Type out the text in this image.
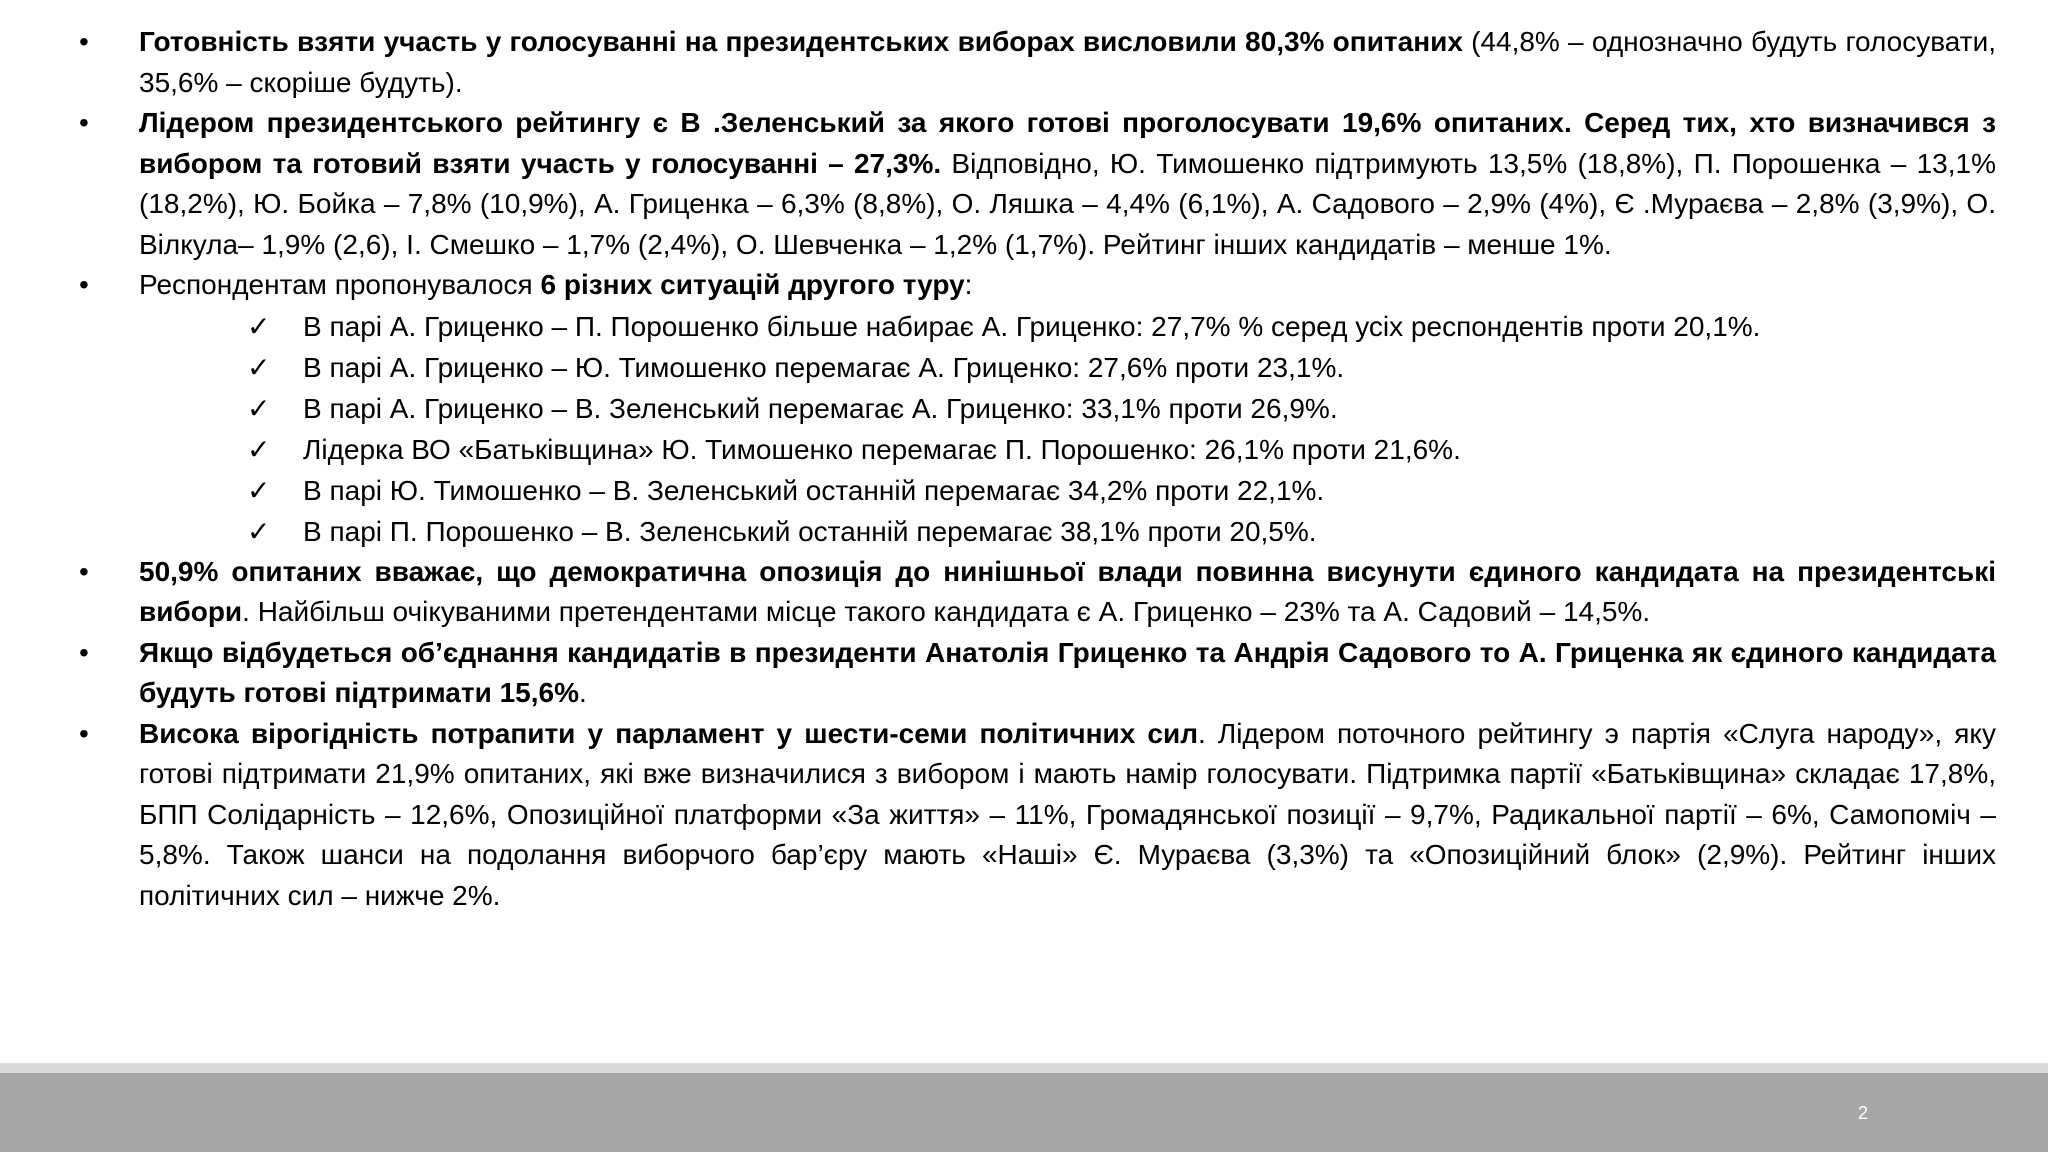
• Готовність взяти участь у голосуванні на президентських виборах висловили 80,3% опитаних (44,8% – однозначно будуть голосувати, 35,6% – скоріше будуть).
• Лідером президентського рейтингу є В .Зеленський за якого готові проголосувати 19,6% опитаних. Серед тих, хто визначився з вибором та готовий взяти участь у голосуванні – 27,3%. Відповідно, Ю. Тимошенко підтримують 13,5% (18,8%), П. Порошенка – 13,1% (18,2%), Ю. Бойка – 7,8% (10,9%), А. Гриценка – 6,3% (8,8%), О. Ляшка – 4,4% (6,1%), А. Садового – 2,9% (4%), Є .Мураєва – 2,8% (3,9%), О. Вілкула– 1,9% (2,6), І. Смешко – 1,7% (2,4%), О. Шевченка – 1,2% (1,7%). Рейтинг інших кандидатів – менше 1%.
• Респондентам пропонувалося 6 різних ситуацій другого туру:
✓ В парі А. Гриценко – П. Порошенко більше набирає А. Гриценко: 27,7% % серед усіх респондентів проти 20,1%.
✓ В парі А. Гриценко – Ю. Тимошенко перемагає А. Гриценко: 27,6% проти 23,1%.
✓ В парі А. Гриценко – В. Зеленський перемагає А. Гриценко: 33,1% проти 26,9%.
✓ Лідерка ВО «Батьківщина» Ю. Тимошенко перемагає П. Порошенко: 26,1% проти 21,6%.
✓ В парі Ю. Тимошенко – В. Зеленський останній перемагає 34,2% проти 22,1%.
✓ В парі П. Порошенко – В. Зеленський останній перемагає 38,1% проти 20,5%.
• 50,9% опитаних вважає, що демократична опозиція до нинішньої влади повинна висунути єдиного кандидата на президентські вибори. Найбільш очікуваними претендентами місце такого кандидата є А. Гриценко – 23% та А. Садовий – 14,5%.
• Якщо відбудеться об’єднання кандидатів в президенти Анатолія Гриценко та Андрія Садового то А. Гриценка як єдиного кандидата будуть готові підтримати 15,6%.
• Висока вірогідність потрапити у парламент у шести-семи політичних сил. Лідером поточного рейтингу э партія «Слуга народу», яку готові підтримати 21,9% опитаних, які вже визначилися з вибором і мають намір голосувати. Підтримка партії «Батьківщина» складає 17,8%, БПП Солідарність – 12,6%, Опозиційної платформи «За життя» – 11%, Громадянської позиції – 9,7%, Радикальної партії – 6%, Самопоміч – 5,8%. Також шанси на подолання виборчого бар’єру мають «Наші» Є. Мураєва (3,3%) та «Опозиційний блок» (2,9%). Рейтинг інших політичних сил – нижче 2%.
2
